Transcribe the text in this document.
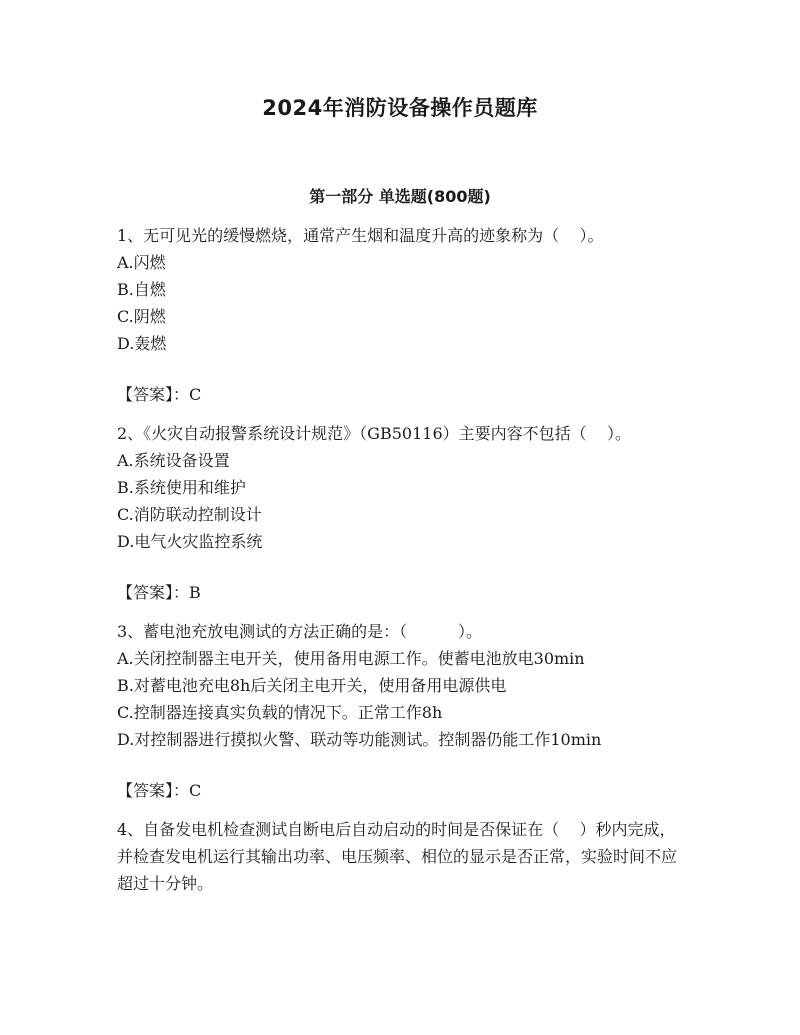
2024年消防设备操作员题库
第一部分 单选题(800题)

1、无可见光的缓慢燃烧，通常产生烟和温度升高的迹象称为（    ）。

A.闪燃
B.自燃
C.阴燃
D.轰燃

【答案】：C

2、《火灾自动报警系统设计规范》（GB50116）主要内容不包括（    ）。

A.系统设备设置
B.系统使用和维护
C.消防联动控制设计
D.电气火灾监控系统

【答案】：B

3、蓄电池充放电测试的方法正确的是：（          ）。

A.关闭控制器主电开关，使用备用电源工作。使蓄电池放电30min
B.对蓄电池充电8h后关闭主电开关，使用备用电源供电
C.控制器连接真实负载的情况下。正常工作8h
D.对控制器进行摸拟火警、联动等功能测试。控制器仍能工作10min

【答案】：C

4、自备发电机检查测试自断电后自动启动的时间是否保证在（    ）秒内完成，并检查发电机运行其输出功率、电压频率、相位的显示是否正常，实验时间不应超过十分钟。
